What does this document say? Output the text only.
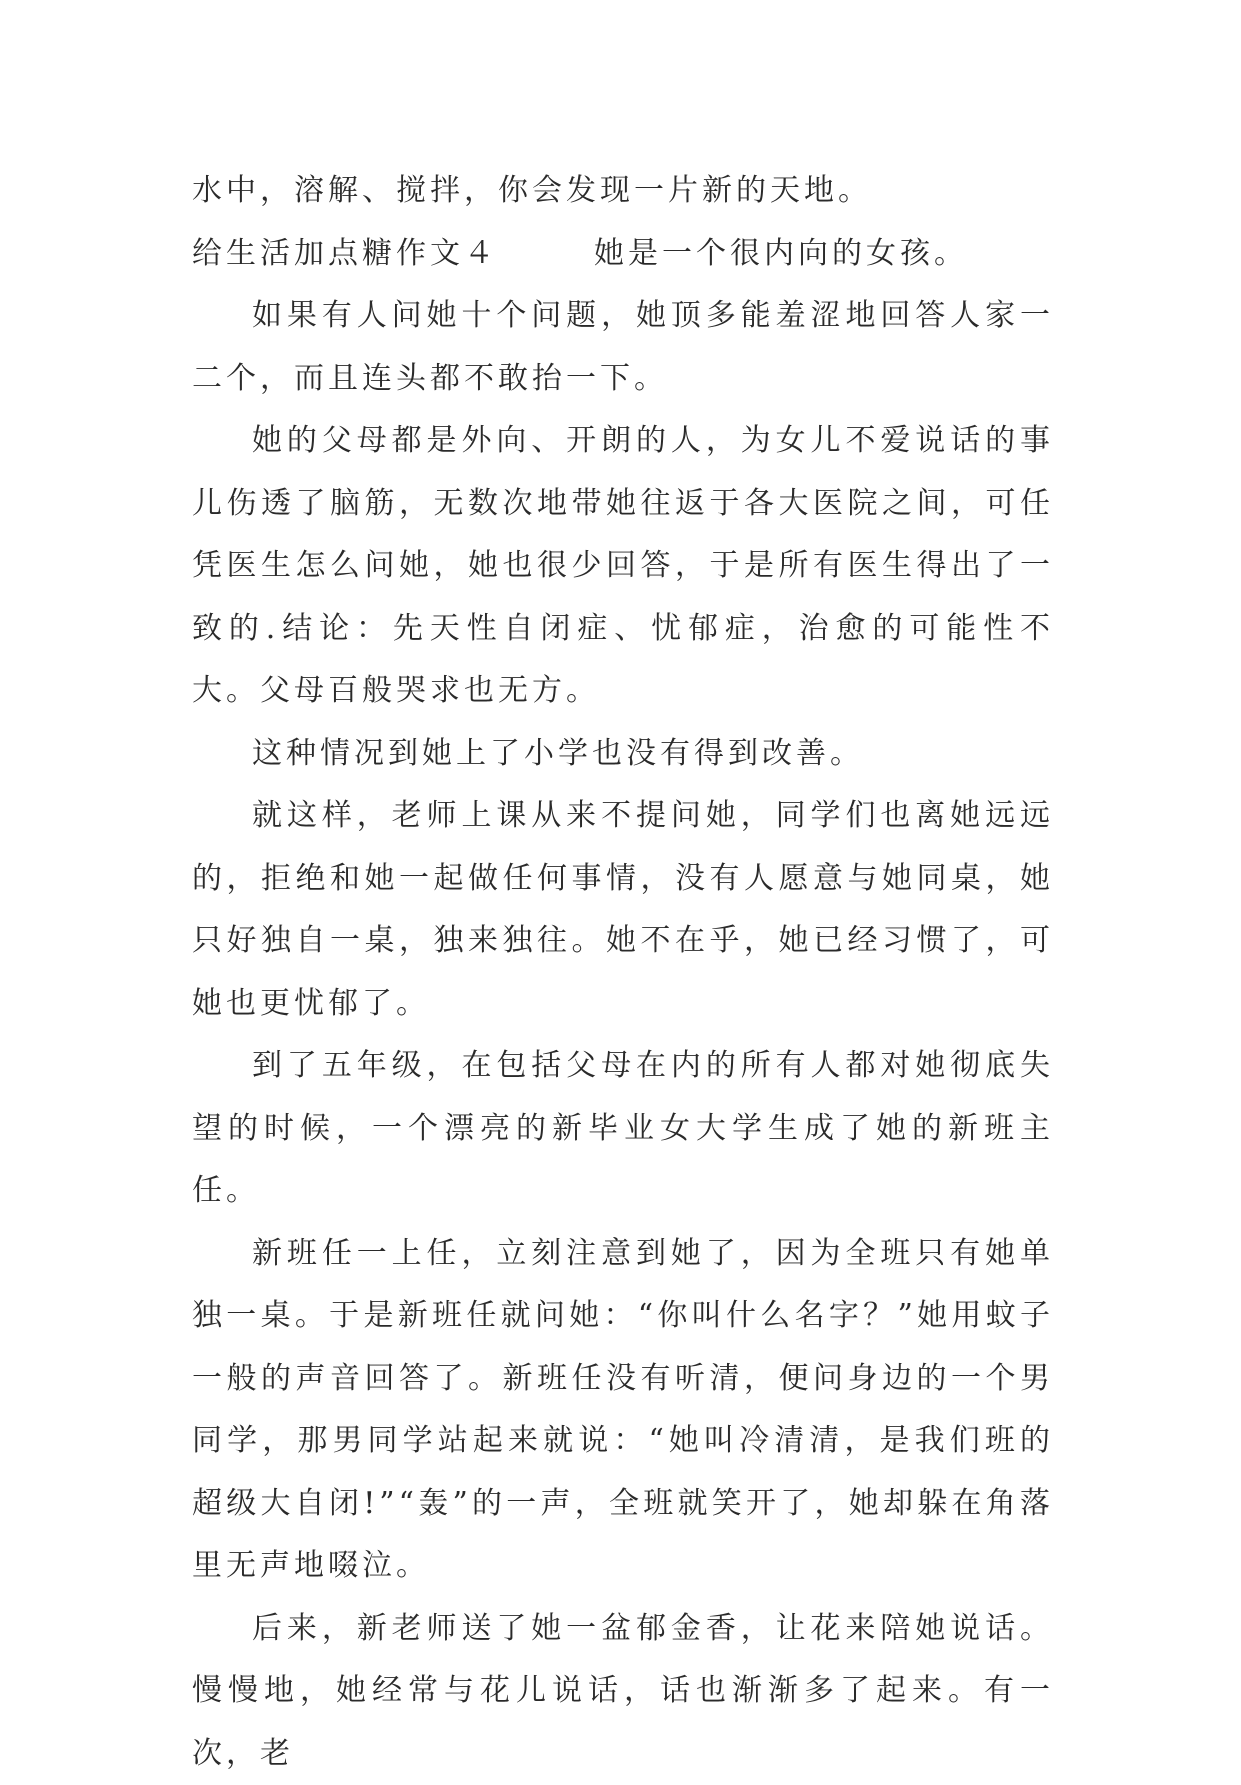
水中，溶解、搅拌，你会发现一片新的天地。

给生活加点糖作文４	她是一个很内向的女孩。

如果有人问她十个问题，她顶多能羞涩地回答人家一二个，而且连头都不敢抬一下。

她的父母都是外向、开朗的人，为女儿不爱说话的事儿伤透了脑筋，无数次地带她往返于各大医院之间，可任凭医生怎么问她，她也很少回答，于是所有医生得出了一致的.结论：先天性自闭症、忧郁症，治愈的可能性不大。父母百般哭求也无方。

这种情况到她上了小学也没有得到改善。

就这样，老师上课从来不提问她，同学们也离她远远的，拒绝和她一起做任何事情，没有人愿意与她同桌，她只好独自一桌，独来独往。她不在乎，她已经习惯了，可她也更忧郁了。

到了五年级，在包括父母在内的所有人都对她彻底失望的时候，一个漂亮的新毕业女大学生成了她的新班主任。

新班任一上任，立刻注意到她了，因为全班只有她单独一桌。于是新班任就问她：“你叫什么名字？”她用蚊子一般的声音回答了。新班任没有听清，便问身边的一个男同学，那男同学站起来就说：“她叫冷清清，是我们班的超级大自闭!”“轰”的一声，全班就笑开了，她却躲在角落里无声地啜泣。

后来，新老师送了她一盆郁金香，让花来陪她说话。慢慢地，她经常与花儿说话，话也渐渐多了起来。有一次，老
